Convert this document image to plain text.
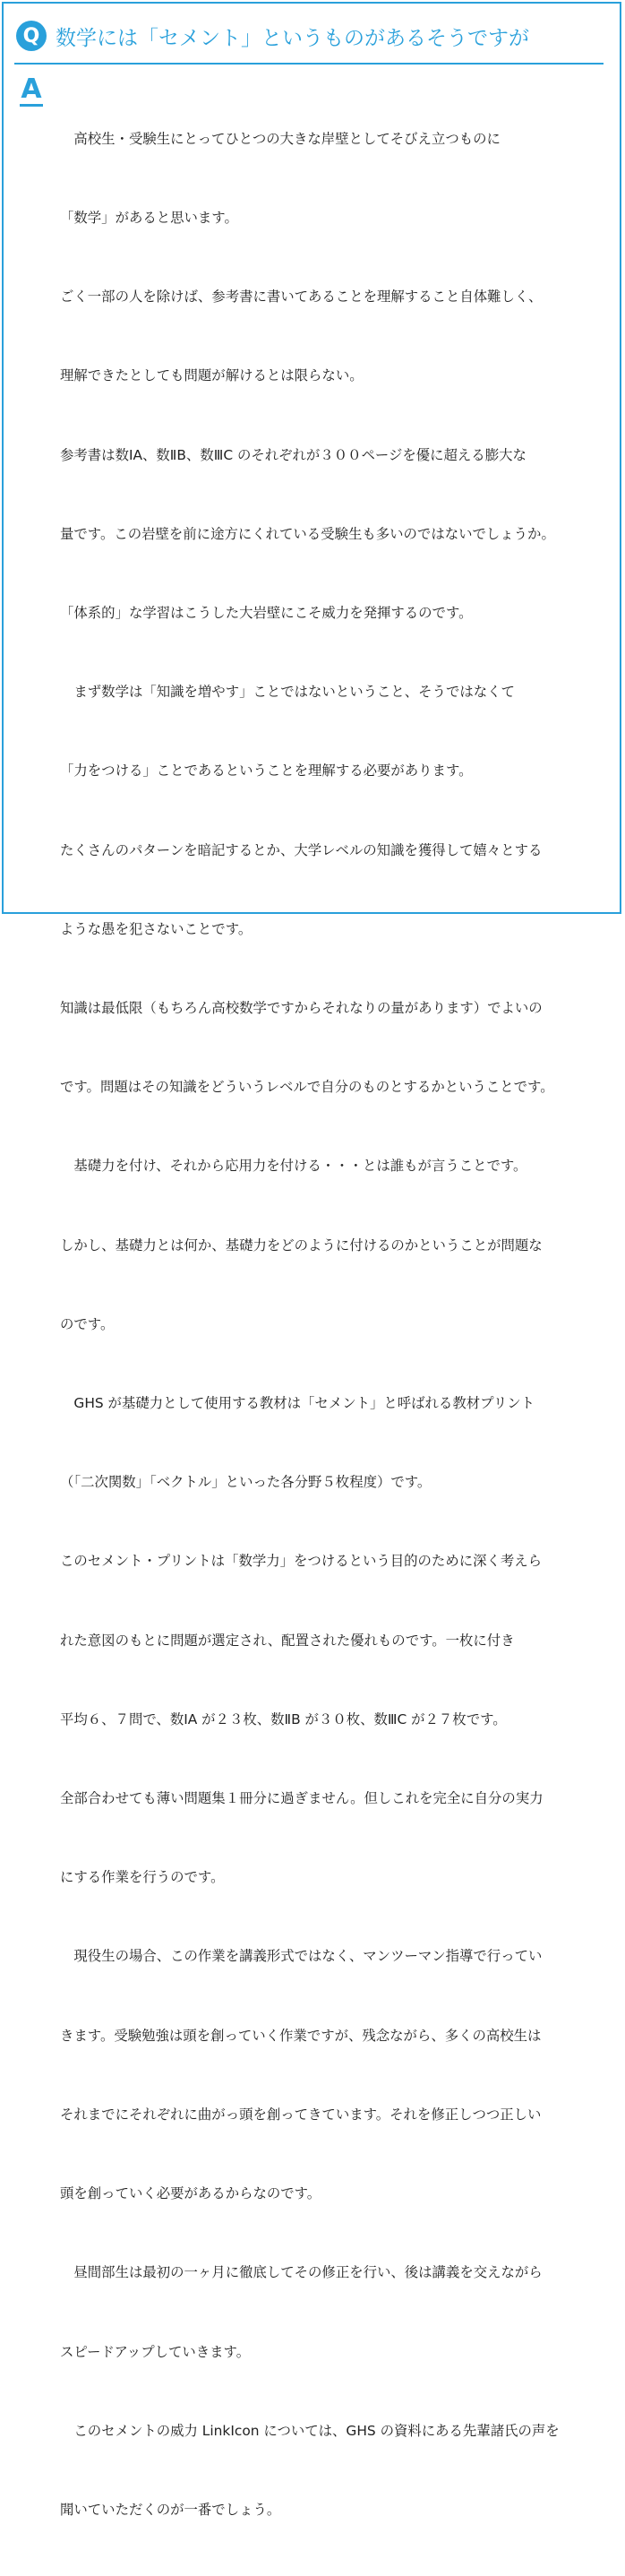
Q 数学には「セメント」というものがあるそうですが
A

　高校生・受験生にとってひとつの大きな岸壁としてそびえ立つものに

「数学」があると思います。

ごく一部の人を除けば、参考書に書いてあることを理解すること自体難しく、

理解できたとしても問題が解けるとは限らない。

参考書は数ⅠA、数ⅡB、数ⅢC のそれぞれが３００ページを優に超える膨大な

量です。この岩壁を前に途方にくれている受験生も多いのではないでしょうか。

「体系的」な学習はこうした大岩壁にこそ威力を発揮するのです。

　まず数学は「知識を増やす」ことではないということ、そうではなくて

「力をつける」ことであるということを理解する必要があります。

たくさんのパターンを暗記するとか、大学レベルの知識を獲得して嬉々とする

ような愚を犯さないことです。

知識は最低限（もちろん高校数学ですからそれなりの量があります）でよいの

です。問題はその知識をどういうレベルで自分のものとするかということです。

　基礎力を付け、それから応用力を付ける・・・とは誰もが言うことです。

しかし、基礎力とは何か、基礎力をどのように付けるのかということが問題な

のです。

　GHS が基礎力として使用する教材は「セメント」と呼ばれる教材プリント

（「二次関数」「ベクトル」といった各分野５枚程度）です。

このセメント・プリントは「数学力」をつけるという目的のために深く考えら

れた意図のもとに問題が選定され、配置された優れものです。一枚に付き

平均６、７問で、数ⅠA が２３枚、数ⅡB が３０枚、数ⅢC が２７枚です。

全部合わせても薄い問題集１冊分に過ぎません。但しこれを完全に自分の実力

にする作業を行うのです。

　現役生の場合、この作業を講義形式ではなく、マンツーマン指導で行ってい

きます。受験勉強は頭を創っていく作業ですが、残念ながら、多くの高校生は

それまでにそれぞれに曲がっ頭を創ってきています。それを修正しつつ正しい

頭を創っていく必要があるからなのです。

　昼間部生は最初の一ヶ月に徹底してその修正を行い、後は講義を交えながら

スピードアップしていきます。

　このセメントの威力 LinkIcon については、GHS の資料にある先輩諸氏の声を

聞いていただくのが一番でしょう。
